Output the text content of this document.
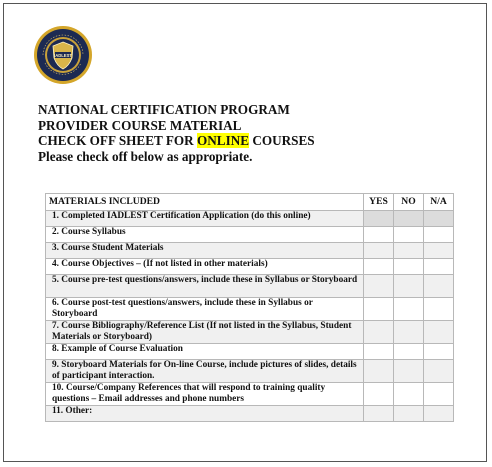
IADLEST
NATIONAL CERTIFICATION PROGRAM
PROVIDER COURSE MATERIAL
CHECK OFF SHEET FOR ONLINE COURSES
Please check off below as appropriate.
MATERIALS INCLUDED	YES	NO	N/A
1. Completed IADLEST Certification Application (do this online)			
2. Course Syllabus			
3. Course Student Materials			
4. Course Objectives – (If not listed in other materials)			
5. Course pre-test questions/answers, include these in Syllabus or Storyboard			
6. Course post-test questions/answers, include these in Syllabus or Storyboard			
7. Course Bibliography/Reference List (If not listed in the Syllabus, Student Materials or Storyboard)			
8. Example of Course Evaluation			
9. Storyboard Materials for On-line Course, include pictures of slides, details of participant interaction.			
10. Course/Company References that will respond to training quality questions – Email addresses and phone numbers			
11. Other:			
